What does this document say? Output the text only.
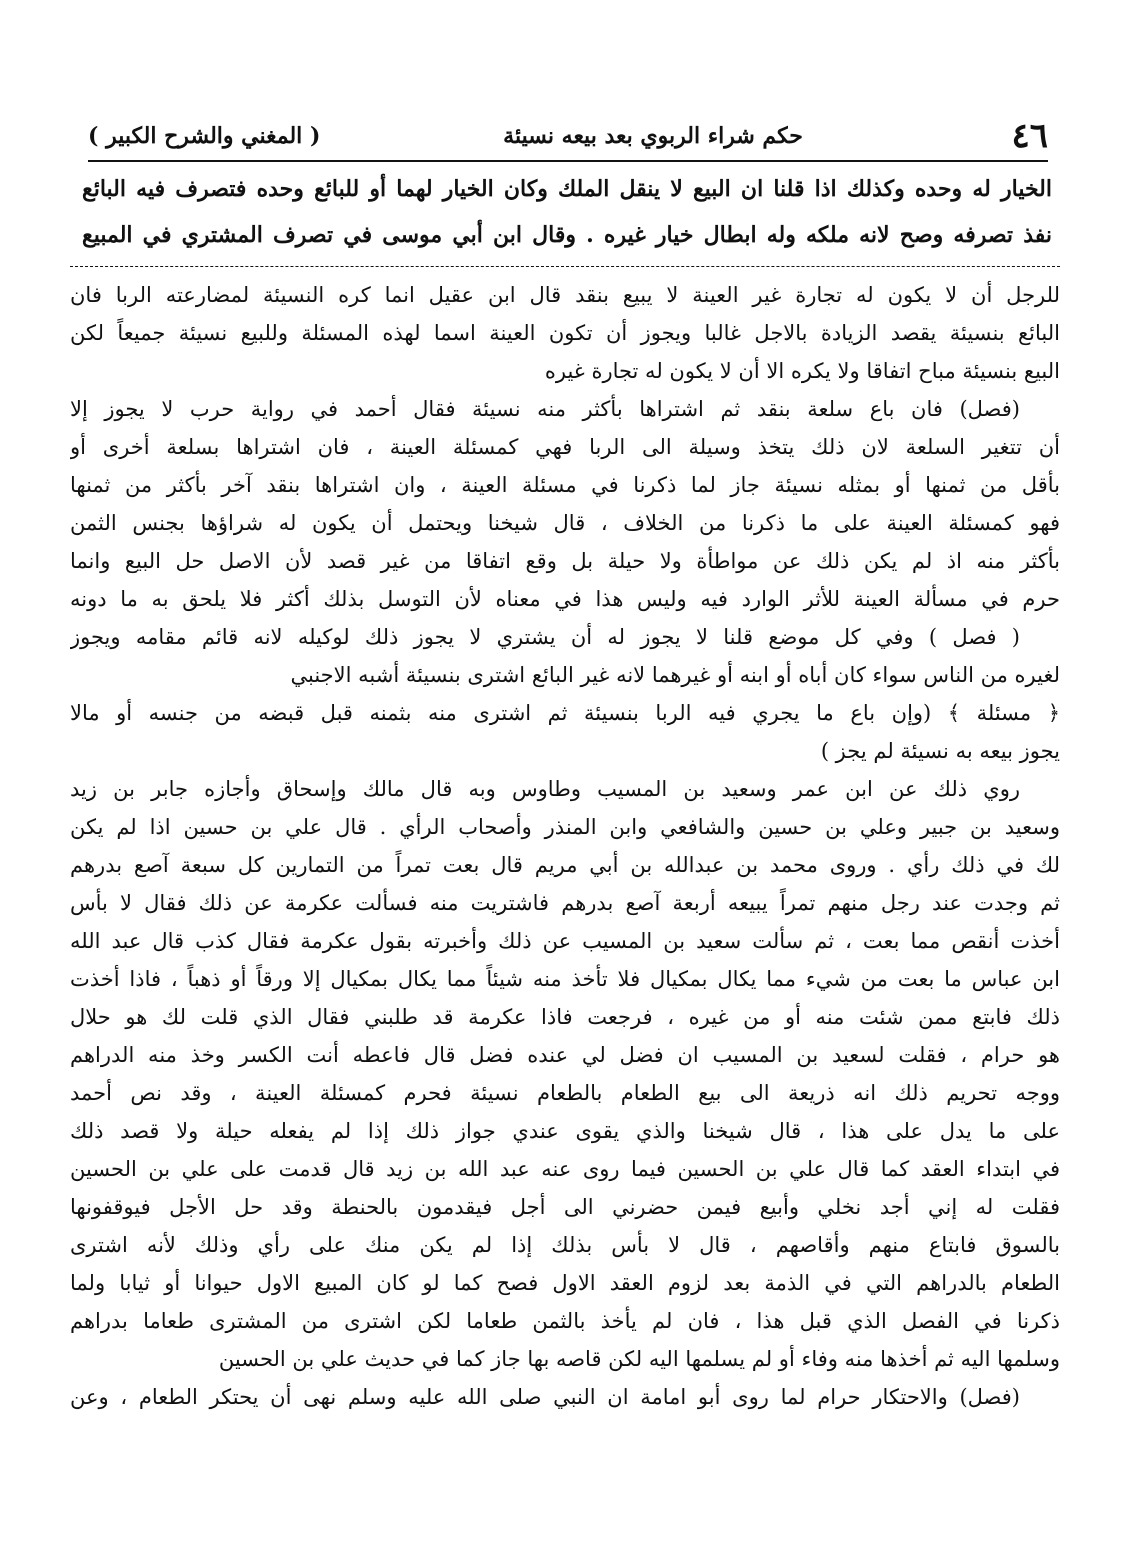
٤٦
حكم شراء الربوي بعد بيعه نسيئة
( المغني والشرح الكبير )
الخيار له وحده وكذلك اذا قلنا ان البيع لا ينقل الملك وكان الخيار لهما أو للبائع وحده فتصرف فيه البائع
نفذ تصرفه وصح لانه ملكه وله ابطال خيار غيره . وقال ابن أبي موسى في تصرف المشتري في المبيع
للرجل أن لا يكون له تجارة غير العينة لا يبيع بنقد قال ابن عقيل انما كره النسيئة لمضارعته الربا فان
البائع بنسيئة يقصد الزيادة بالاجل غالبا ويجوز أن تكون العينة اسما لهذه المسئلة وللبيع نسيئة جميعاً لكن
البيع بنسيئة مباح اتفاقا ولا يكره الا أن لا يكون له تجارة غيره
(فصل) فان باع سلعة بنقد ثم اشتراها بأكثر منه نسيئة فقال أحمد في رواية حرب لا يجوز إلا
أن تتغير السلعة لان ذلك يتخذ وسيلة الى الربا فهي كمسئلة العينة ، فان اشتراها بسلعة أخرى أو
بأقل من ثمنها أو بمثله نسيئة جاز لما ذكرنا في مسئلة العينة ، وان اشتراها بنقد آخر بأكثر من ثمنها
فهو كمسئلة العينة على ما ذكرنا من الخلاف ، قال شيخنا ويحتمل أن يكون له شراؤها بجنس الثمن
بأكثر منه اذ لم يكن ذلك عن مواطأة ولا حيلة بل وقع اتفاقا من غير قصد لأن الاصل حل البيع وانما
حرم في مسألة العينة للأثر الوارد فيه وليس هذا في معناه لأن التوسل بذلك أكثر فلا يلحق به ما دونه
( فصل ) وفي كل موضع قلنا لا يجوز له أن يشتري لا يجوز ذلك لوكيله لانه قائم مقامه ويجوز
لغيره من الناس سواء كان أباه أو ابنه أو غيرهما لانه غير البائع اشترى بنسيئة أشبه الاجنبي
﴿ مسئلة ﴾ (وإن باع ما يجري فيه الربا بنسيئة ثم اشترى منه بثمنه قبل قبضه من جنسه أو مالا
يجوز بيعه به نسيئة لم يجز )
روي ذلك عن ابن عمر وسعيد بن المسيب وطاوس وبه قال مالك وإسحاق وأجازه جابر بن زيد
وسعيد بن جبير وعلي بن حسين والشافعي وابن المنذر وأصحاب الرأي . قال علي بن حسين اذا لم يكن
لك في ذلك رأي . وروى محمد بن عبدالله بن أبي مريم قال بعت تمراً من التمارين كل سبعة آصع بدرهم
ثم وجدت عند رجل منهم تمراً يبيعه أربعة آصع بدرهم فاشتريت منه فسألت عكرمة عن ذلك فقال لا بأس
أخذت أنقص مما بعت ، ثم سألت سعيد بن المسيب عن ذلك وأخبرته بقول عكرمة فقال كذب قال عبد الله
ابن عباس ما بعت من شيء مما يكال بمكيال فلا تأخذ منه شيئاً مما يكال بمكيال إلا ورقاً أو ذهباً ، فاذا أخذت
ذلك فابتع ممن شئت منه أو من غيره ، فرجعت فاذا عكرمة قد طلبني فقال الذي قلت لك هو حلال
هو حرام ، فقلت لسعيد بن المسيب ان فضل لي عنده فضل قال فاعطه أنت الكسر وخذ منه الدراهم
ووجه تحريم ذلك انه ذريعة الى بيع الطعام بالطعام نسيئة فحرم كمسئلة العينة ، وقد نص أحمد
على ما يدل على هذا ، قال شيخنا والذي يقوى عندي جواز ذلك إذا لم يفعله حيلة ولا قصد ذلك
في ابتداء العقد كما قال علي بن الحسين فيما روى عنه عبد الله بن زيد قال قدمت على علي بن الحسين
فقلت له إني أجد نخلي وأبيع فيمن حضرني الى أجل فيقدمون بالحنطة وقد حل الأجل فيوقفونها
بالسوق فابتاع منهم وأقاصهم ، قال لا بأس بذلك إذا لم يكن منك على رأي وذلك لأنه اشترى
الطعام بالدراهم التي في الذمة بعد لزوم العقد الاول فصح كما لو كان المبيع الاول حيوانا أو ثيابا ولما
ذكرنا في الفصل الذي قبل هذا ، فان لم يأخذ بالثمن طعاما لكن اشترى من المشترى طعاما بدراهم
وسلمها اليه ثم أخذها منه وفاء أو لم يسلمها اليه لكن قاصه بها جاز كما في حديث علي بن الحسين
(فصل) والاحتكار حرام لما روى أبو امامة ان النبي صلى الله عليه وسلم نهى أن يحتكر الطعام ، وعن
